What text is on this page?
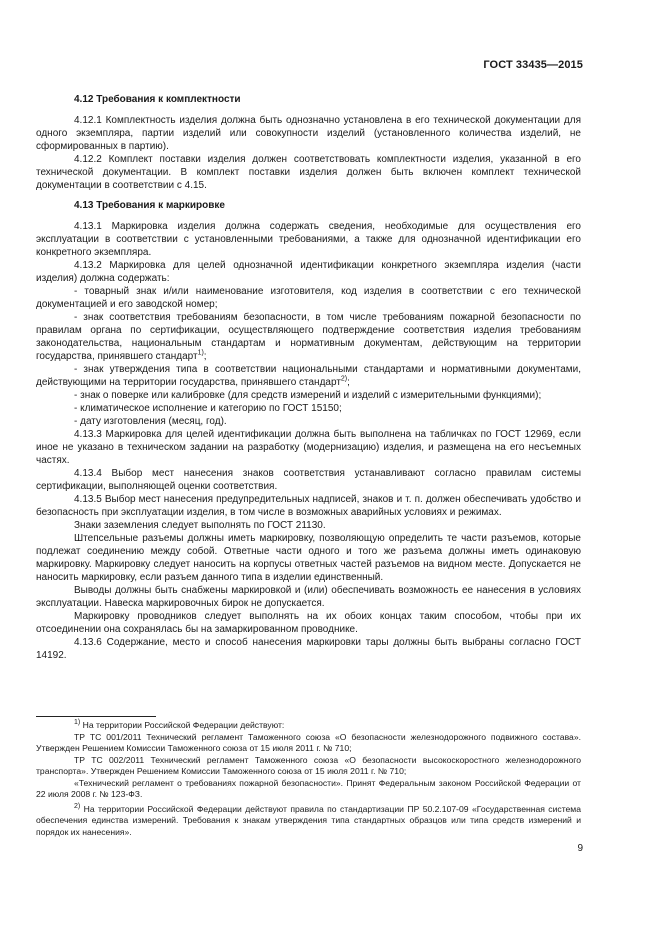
ГОСТ 33435—2015
4.12 Требования к комплектности

4.12.1 Комплектность изделия должна быть однозначно установлена в его технической документации для одного экземпляра, партии изделий или совокупности изделий (установленного количества изделий, не сформированных в партию).

4.12.2 Комплект поставки изделия должен соответствовать комплектности изделия, указанной в его технической документации. В комплект поставки изделия должен быть включен комплект технической документации в соответствии с 4.15.

4.13 Требования к маркировке

4.13.1 Маркировка изделия должна содержать сведения, необходимые для осуществления его эксплуатации в соответствии с установленными требованиями, а также для однозначной идентификации его конкретного экземпляра.

4.13.2 Маркировка для целей однозначной идентификации конкретного экземпляра изделия (части изделия) должна содержать:

- товарный знак и/или наименование изготовителя, код изделия в соответствии с его технической документацией и его заводской номер;

- знак соответствия требованиям безопасности, в том числе требованиям пожарной безопасности по правилам органа по сертификации, осуществляющего подтверждение соответствия изделия требованиям законодательства, национальным стандартам и нормативным документам, действующим на территории государства, принявшего стандарт$^{1)}$;

- знак утверждения типа в соответствии национальными стандартами и нормативными документами, действующими на территории государства, принявшего стандарт$^{2)}$;

- знак о поверке или калибровке (для средств измерений и изделий с измерительными функциями);

- климатическое исполнение и категорию по ГОСТ 15150;

- дату изготовления (месяц, год).

4.13.3 Маркировка для целей идентификации должна быть выполнена на табличках по ГОСТ 12969, если иное не указано в техническом задании на разработку (модернизацию) изделия, и размещена на его несъемных частях.

4.13.4 Выбор мест нанесения знаков соответствия устанавливают согласно правилам системы сертификации, выполняющей оценки соответствия.

4.13.5 Выбор мест нанесения предупредительных надписей, знаков и т. п. должен обеспечивать удобство и безопасность при эксплуатации изделия, в том числе в возможных аварийных условиях и режимах.

Знаки заземления следует выполнять по ГОСТ 21130.

Штепсельные разъемы должны иметь маркировку, позволяющую определить те части разъемов, которые подлежат соединению между собой. Ответные части одного и того же разъема должны иметь одинаковую маркировку. Маркировку следует наносить на корпусы ответных частей разъемов на видном месте. Допускается не наносить маркировку, если разъем данного типа в изделии единственный.

Выводы должны быть снабжены маркировкой и (или) обеспечивать возможность ее нанесения в условиях эксплуатации. Навеска маркировочных бирок не допускается.

Маркировку проводников следует выполнять на их обоих концах таким способом, чтобы при их отсоединении она сохранялась бы на замаркированном проводнике.

4.13.6 Содержание, место и способ нанесения маркировки тары должны быть выбраны согласно ГОСТ 14192.

$^{1)}$ На территории Российской Федерации действуют:

ТР ТС 001/2011 Технический регламент Таможенного союза «О безопасности железнодорожного подвижного состава». Утвержден Решением Комиссии Таможенного союза от 15 июля 2011 г. № 710;

ТР ТС 002/2011 Технический регламент Таможенного союза «О безопасности высокоскоростного железнодорожного транспорта». Утвержден Решением Комиссии Таможенного союза от 15 июля 2011 г. № 710;

«Технический регламент о требованиях пожарной безопасности». Принят Федеральным законом Российской Федерации от 22 июля 2008 г. № 123-ФЗ.

$^{2)}$ На территории Российской Федерации действуют правила по стандартизации ПР 50.2.107-09 «Государственная система обеспечения единства измерений. Требования к знакам утверждения типа стандартных образцов или типа средств измерений и порядок их нанесения».

9
